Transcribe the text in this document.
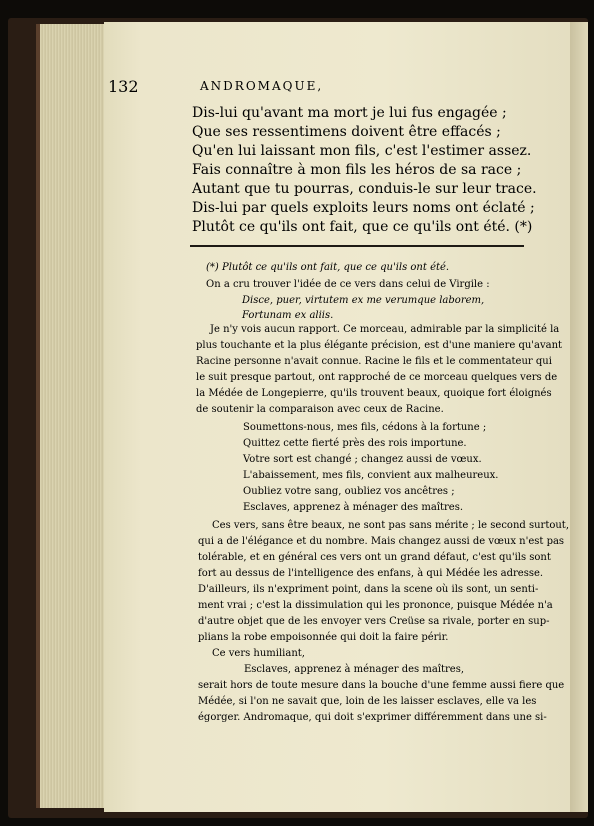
132	ANDROMAQUE,
Dis-lui qu'avant ma mort je lui fus engagée ;
Que ses ressentimens doivent être effacés ;
Qu'en lui laissant mon fils, c'est l'estimer assez.
Fais connaître à mon fils les héros de sa race ;
Autant que tu pourras, conduis-le sur leur trace.
Dis-lui par quels exploits leurs noms ont éclaté ;
Plutôt ce qu'ils ont fait, que ce qu'ils ont été. (*)
(*) Plutôt ce qu'ils ont fait, que ce qu'ils ont été.
On a cru trouver l'idée de ce vers dans celui de Virgile :
Disce, puer, virtutem ex me verumque laborem,
Fortunam ex aliis.
Je n'y vois aucun rapport. Ce morceau, admirable par la simplicité la
plus touchante et la plus élégante précision, est d'une maniere qu'avant
Racine personne n'avait connue. Racine le fils et le commentateur qui
le suit presque partout, ont rapproché de ce morceau quelques vers de
la Médée de Longepierre, qu'ils trouvent beaux, quoique fort éloignés
de soutenir la comparaison avec ceux de Racine.
Soumettons-nous, mes fils, cédons à la fortune ;
Quittez cette fierté près des rois importune.
Votre sort est changé ; changez aussi de vœux.
L'abaissement, mes fils, convient aux malheureux.
Oubliez votre sang, oubliez vos ancêtres ;
Esclaves, apprenez à ménager des maîtres.
Ces vers, sans être beaux, ne sont pas sans mérite ; le second surtout,
qui a de l'élégance et du nombre. Mais changez aussi de vœux n'est pas
tolérable, et en général ces vers ont un grand défaut, c'est qu'ils sont
fort au dessus de l'intelligence des enfans, à qui Médée les adresse.
D'ailleurs, ils n'expriment point, dans la scene où ils sont, un senti-
ment vrai ; c'est la dissimulation qui les prononce, puisque Médée n'a
d'autre objet que de les envoyer vers Creüse sa rivale, porter en sup-
plians la robe empoisonnée qui doit la faire périr.
Ce vers humiliant,
Esclaves, apprenez à ménager des maîtres,
serait hors de toute mesure dans la bouche d'une femme aussi fiere que
Médée, si l'on ne savait que, loin de les laisser esclaves, elle va les
égorger. Andromaque, qui doit s'exprimer différemment dans une si-
